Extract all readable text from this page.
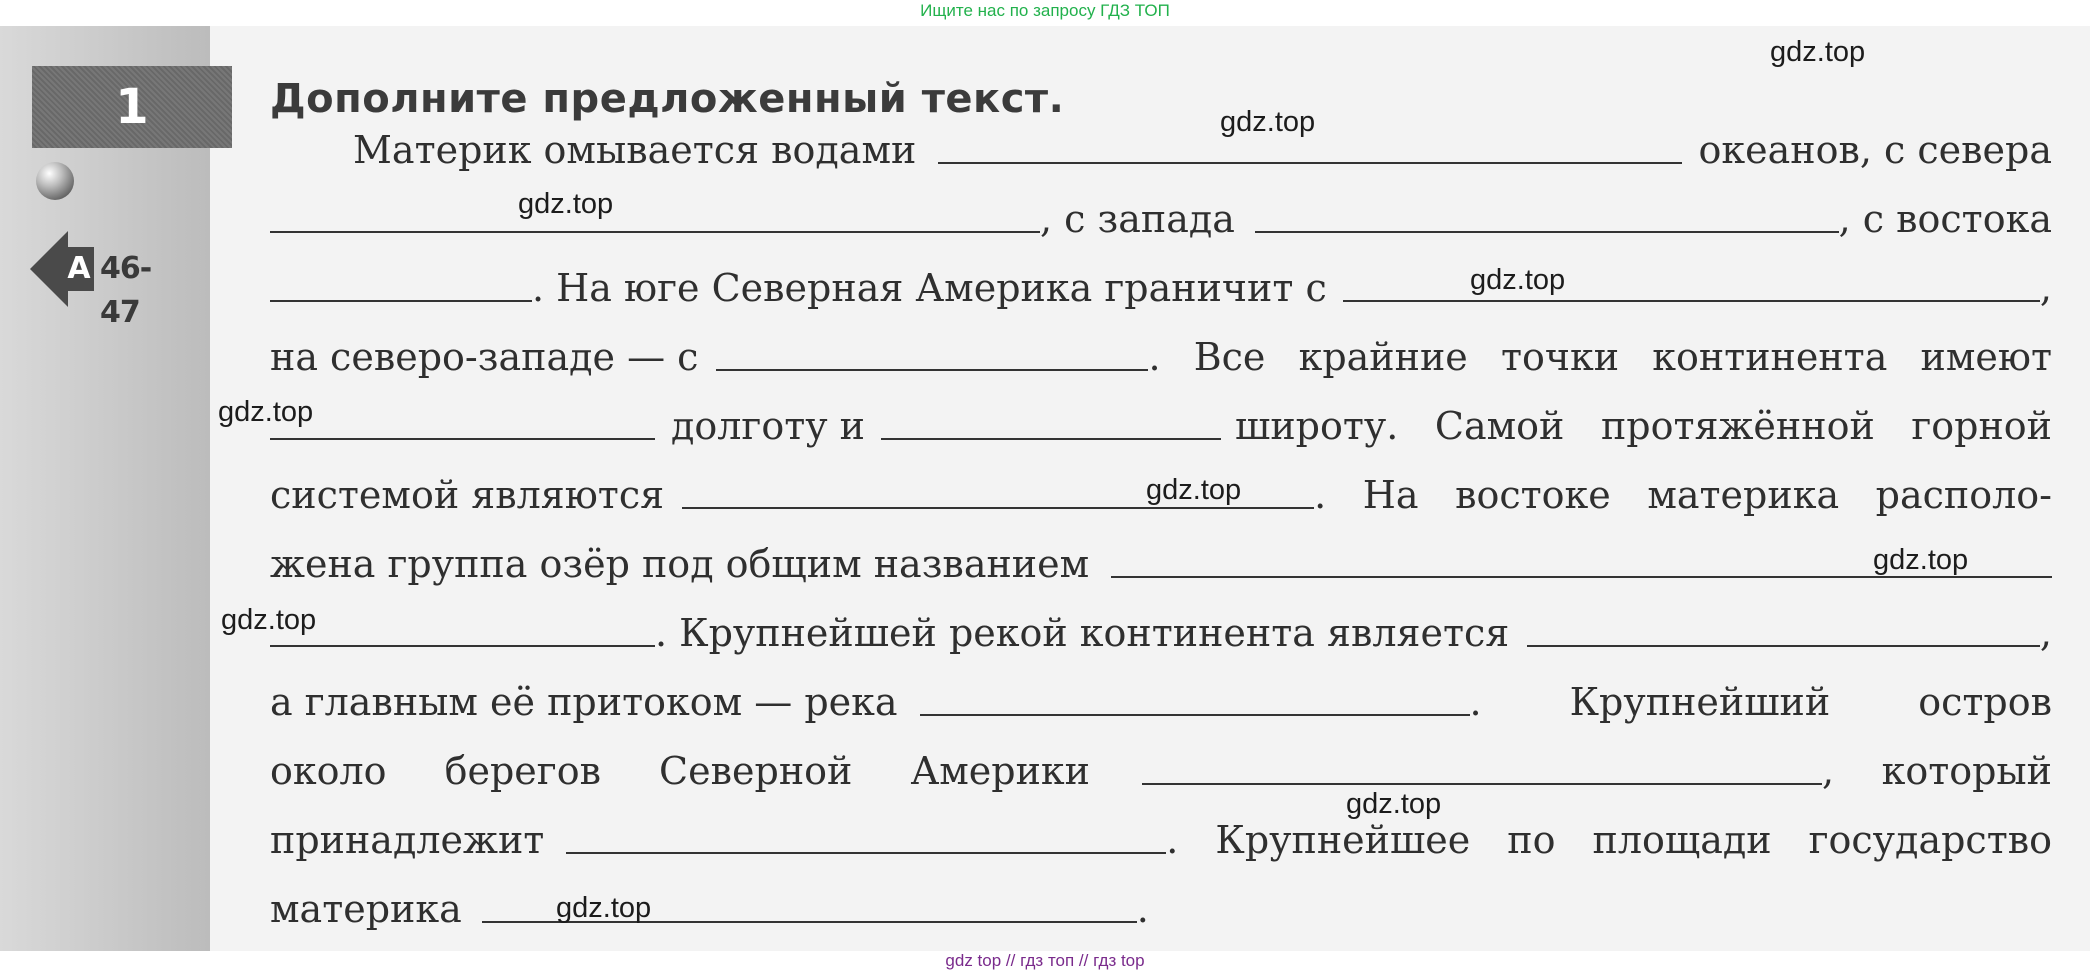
Ищите нас по запросу ГДЗ ТОП
1
А 46-47
Дополните предложенный текст.
Материк омывается водами	океанов, с севера
, с запада	, с востока
. На юге Северная Америка граничит с	,
на северо-западе — с	. Все крайние точки континента имеют
долготу и	широту. Самой протяжённой горной
системой являются	. На востоке материка располо-
жена группа озёр под общим названием
. Крупнейшей рекой континента является	,
а главным её притоком — река	. Крупнейший остров
около берегов Северной Америки	, который
принадлежит	. Крупнейшее по площади государство
материка	.
gdz.top
gdz.top
gdz.top
gdz.top
gdz.top
gdz.top
gdz.top
gdz.top
gdz.top
gdz.top
gdz top // гдз топ // гдз top
